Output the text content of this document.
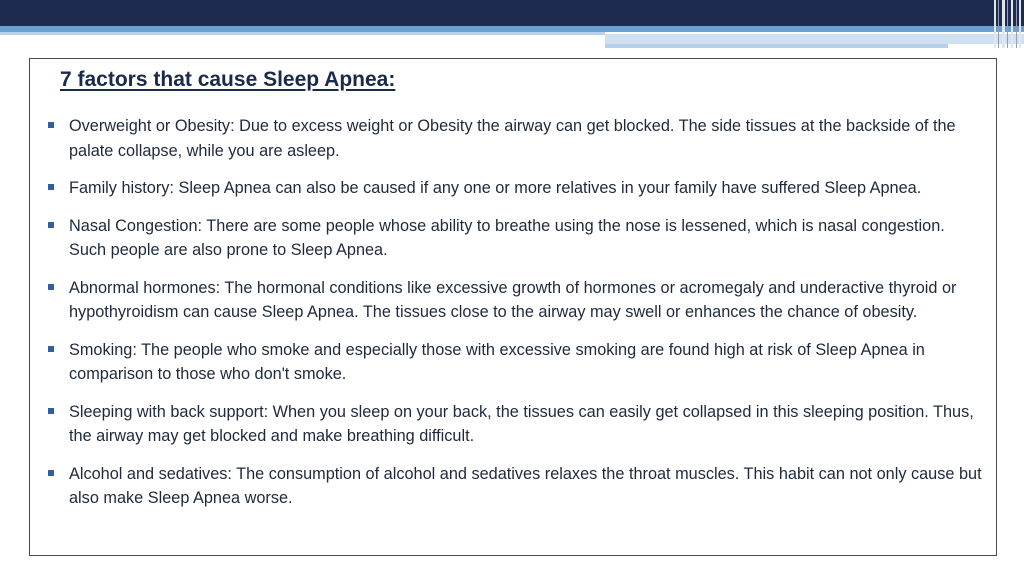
7 factors that cause Sleep Apnea:
Overweight or Obesity: Due to excess weight or Obesity the airway can get blocked. The side tissues at the backside of the palate collapse, while you are asleep.
Family history: Sleep Apnea can also be caused if any one or more relatives in your family have suffered Sleep Apnea.
Nasal Congestion: There are some people whose ability to breathe using the nose is lessened, which is nasal congestion. Such people are also prone to Sleep Apnea.
Abnormal hormones: The hormonal conditions like excessive growth of hormones or acromegaly and underactive thyroid or hypothyroidism can cause Sleep Apnea. The tissues close to the airway may swell or enhances the chance of obesity.
Smoking: The people who smoke and especially those with excessive smoking are found high at risk of Sleep Apnea in comparison to those who don't smoke.
Sleeping with back support: When you sleep on your back, the tissues can easily get collapsed in this sleeping position. Thus, the airway may get blocked and make breathing difficult.
Alcohol and sedatives: The consumption of alcohol and sedatives relaxes the throat muscles. This habit can not only cause but also make Sleep Apnea worse.
